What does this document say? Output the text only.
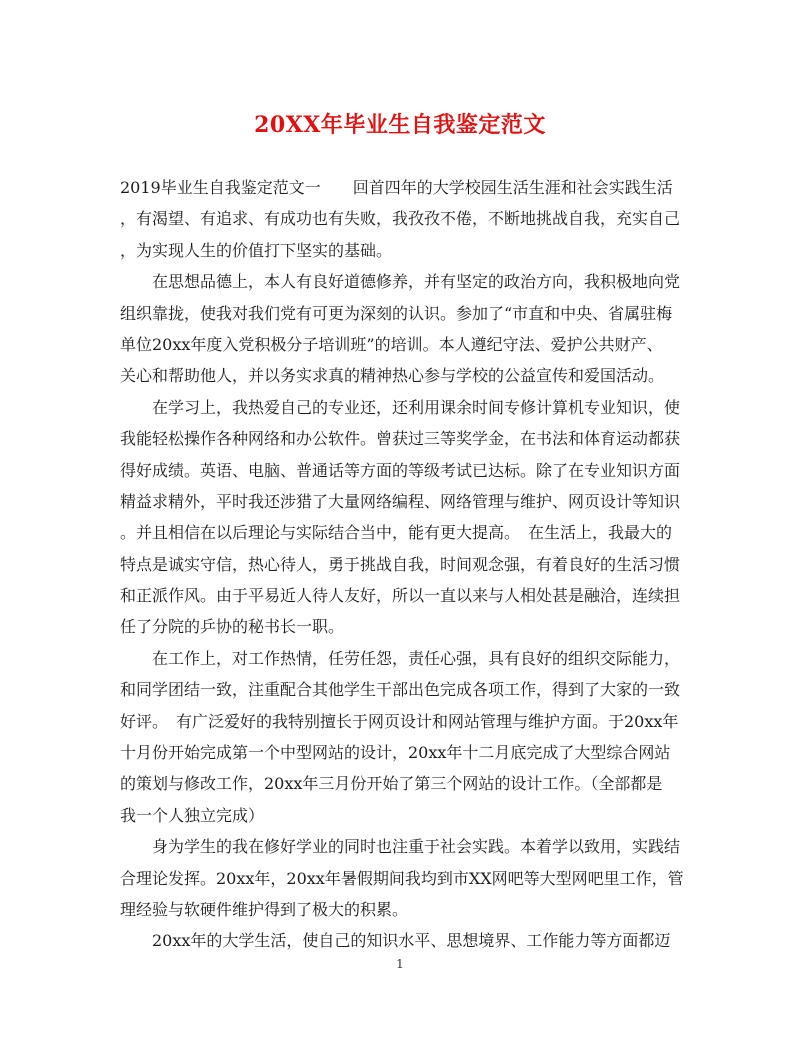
20XX年毕业生自我鉴定范文
2019毕业生自我鉴定范文一　　回首四年的大学校园生活生涯和社会实践生活
，有渴望、有追求、有成功也有失败，我孜孜不倦，不断地挑战自我，充实自己
，为实现人生的价值打下坚实的基础。
　　在思想品德上，本人有良好道德修养，并有坚定的政治方向，我积极地向党
组织靠拢，使我对我们党有可更为深刻的认识。参加了“市直和中央、省属驻梅
单位20xx年度入党积极分子培训班”的培训。本人遵纪守法、爱护公共财产、
关心和帮助他人，并以务实求真的精神热心参与学校的公益宣传和爱国活动。
　　在学习上，我热爱自己的专业还，还利用课余时间专修计算机专业知识，使
我能轻松操作各种网络和办公软件。曾获过三等奖学金，在书法和体育运动都获
得好成绩。英语、电脑、普通话等方面的等级考试已达标。除了在专业知识方面
精益求精外，平时我还涉猎了大量网络编程、网络管理与维护、网页设计等知识
。并且相信在以后理论与实际结合当中，能有更大提高。　在生活上，我最大的
特点是诚实守信，热心待人，勇于挑战自我，时间观念强，有着良好的生活习惯
和正派作风。由于平易近人待人友好，所以一直以来与人相处甚是融洽，连续担
任了分院的乒协的秘书长一职。
　　在工作上，对工作热情，任劳任怨，责任心强，具有良好的组织交际能力，
和同学团结一致，注重配合其他学生干部出色完成各项工作，得到了大家的一致
好评。　有广泛爱好的我特别擅长于网页设计和网站管理与维护方面。于20xx年
十月份开始完成第一个中型网站的设计，20xx年十二月底完成了大型综合网站
的策划与修改工作，20xx年三月份开始了第三个网站的设计工作。（全部都是
我一个人独立完成）
　　身为学生的我在修好学业的同时也注重于社会实践。本着学以致用，实践结
合理论发挥。20xx年，20xx年暑假期间我均到市XX网吧等大型网吧里工作，管
理经验与软硬件维护得到了极大的积累。
　　20xx年的大学生活，使自己的知识水平、思想境界、工作能力等方面都迈
1
